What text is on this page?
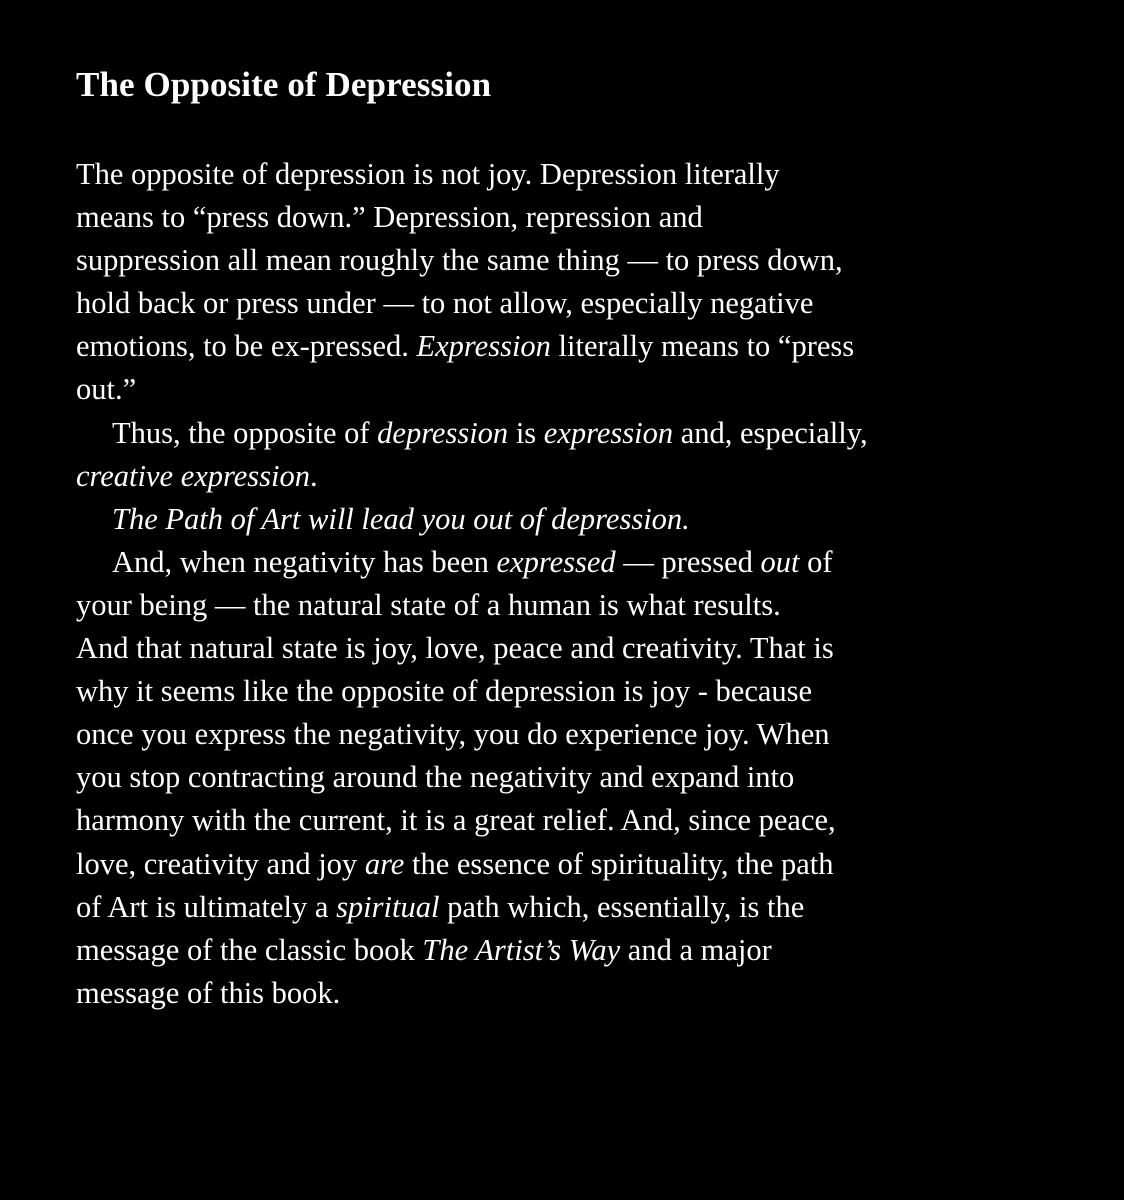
The Opposite of Depression
The opposite of depression is not joy. Depression literally
means to “press down.” Depression, repression and
suppression all mean roughly the same thing — to press down,
hold back or press under — to not allow, especially negative
emotions, to be ex-pressed. Expression literally means to “press
out.”
Thus, the opposite of depression is expression and, especially,
creative expression.
The Path of Art will lead you out of depression.
And, when negativity has been expressed — pressed out of
your being — the natural state of a human is what results.
And that natural state is joy, love, peace and creativity. That is
why it seems like the opposite of depression is joy - because
once you express the negativity, you do experience joy. When
you stop contracting around the negativity and expand into
harmony with the current, it is a great relief. And, since peace,
love, creativity and joy are the essence of spirituality, the path
of Art is ultimately a spiritual path which, essentially, is the
message of the classic book The Artist’s Way and a major
message of this book.
